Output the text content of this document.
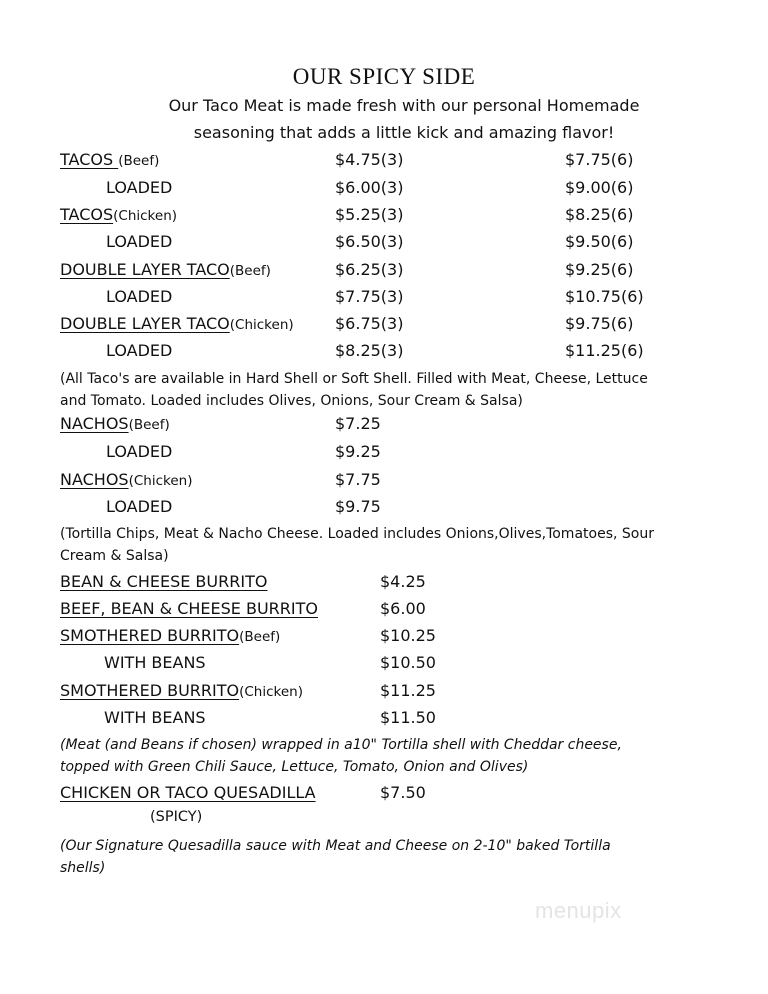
OUR SPICY SIDE
Our Taco Meat is made fresh with our personal Homemade
seasoning that adds a little kick and amazing flavor!
TACOS (Beef)	$4.75(3)	$7.75(6)
LOADED	$6.00(3)	$9.00(6)
TACOS(Chicken)	$5.25(3)	$8.25(6)
LOADED	$6.50(3)	$9.50(6)
DOUBLE LAYER TACO(Beef)	$6.25(3)	$9.25(6)
LOADED	$7.75(3)	$10.75(6)
DOUBLE LAYER TACO(Chicken)	$6.75(3)	$9.75(6)
LOADED	$8.25(3)	$11.25(6)
(All Taco's are available in Hard Shell or Soft Shell. Filled with Meat, Cheese, Lettuce
and Tomato. Loaded includes Olives, Onions, Sour Cream & Salsa)
NACHOS(Beef)	$7.25
LOADED	$9.25
NACHOS(Chicken)	$7.75
LOADED	$9.75
(Tortilla Chips, Meat & Nacho Cheese. Loaded includes Onions,Olives,Tomatoes, Sour
Cream & Salsa)
BEAN & CHEESE BURRITO	$4.25
BEEF, BEAN & CHEESE BURRITO	$6.00
SMOTHERED BURRITO(Beef)	$10.25
WITH BEANS	$10.50
SMOTHERED BURRITO(Chicken)	$11.25
WITH BEANS	$11.50
(Meat (and Beans if chosen) wrapped in a10" Tortilla shell with Cheddar cheese,
topped with Green Chili Sauce, Lettuce, Tomato, Onion and Olives)
CHICKEN OR TACO QUESADILLA	$7.50
(SPICY)
(Our Signature Quesadilla sauce with Meat and Cheese on 2-10" baked Tortilla
shells)
menupix
